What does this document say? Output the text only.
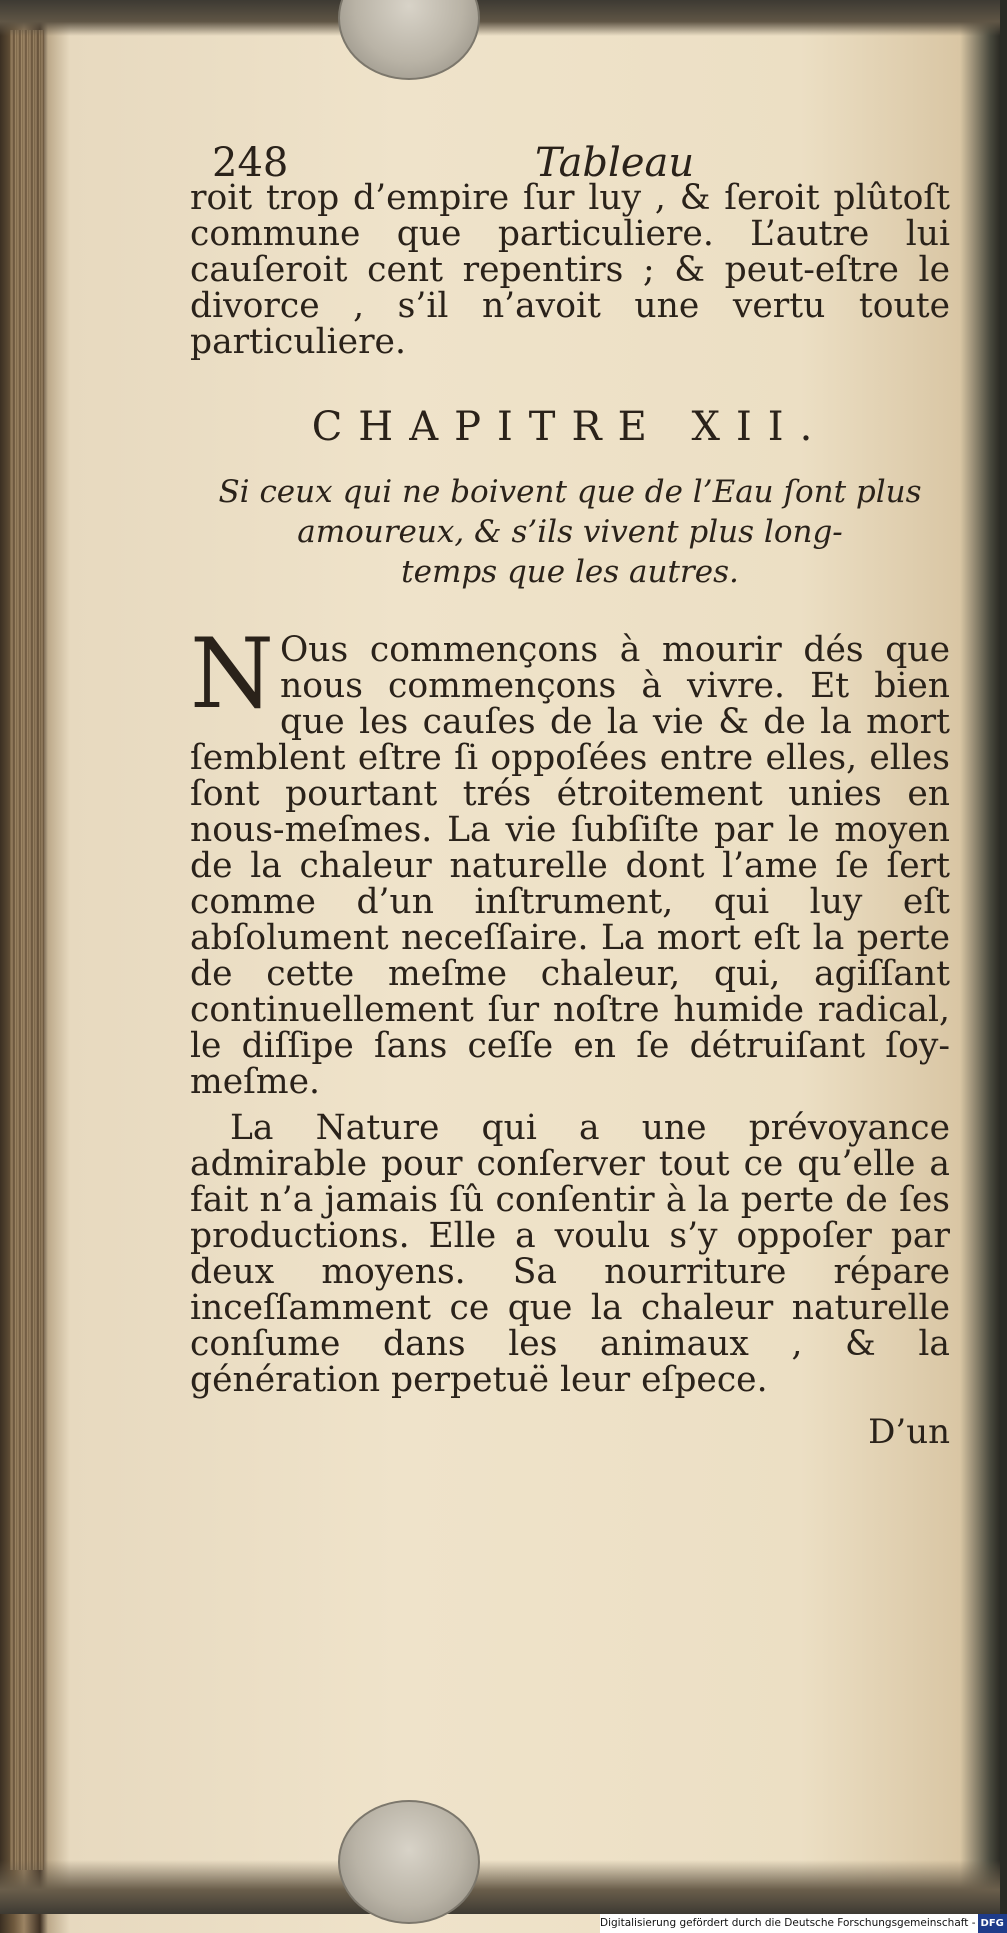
248	Tableau

roit trop d’empire ſur luy , & ſeroit plûtoſt commune que particuliere. L’autre lui cauſeroit cent repentirs ; & peut-eſtre le divorce , s’il n’avoit une vertu toute particuliere.

CHAPITRE XII.
Si ceux qui ne boivent que de l’Eau ſont plus
amoureux, & s’ils vivent plus long-
temps que les autres.
N Ous commençons à mourir dés que nous commençons à vivre. Et bien que les cauſes de la vie & de la mort ſemblent eſtre ſi oppoſées entre elles, elles ſont pourtant trés étroitement unies en nous-meſmes. La vie ſubſiſte par le moyen de la chaleur naturelle dont l’ame ſe ſert comme d’un inſtrument, qui luy eſt abſolument neceſſaire. La mort eſt la perte de cette meſme chaleur, qui, agiſſant continuellement ſur noſtre humide radical, le diſſipe ſans ceſſe en ſe détruiſant ſoy-meſme.

La Nature qui a une prévoyance admirable pour conſerver tout ce qu’elle a fait n’a jamais ſû conſentir à la perte de ſes productions. Elle a voulu s’y oppoſer par deux moyens. Sa nourriture répare inceſſamment ce que la chaleur naturelle conſume dans les animaux , & la génération perpetuë leur eſpece.

D’un
Digitalisierung gefördert durch die Deutsche Forschungsgemeinschaft - DFG
